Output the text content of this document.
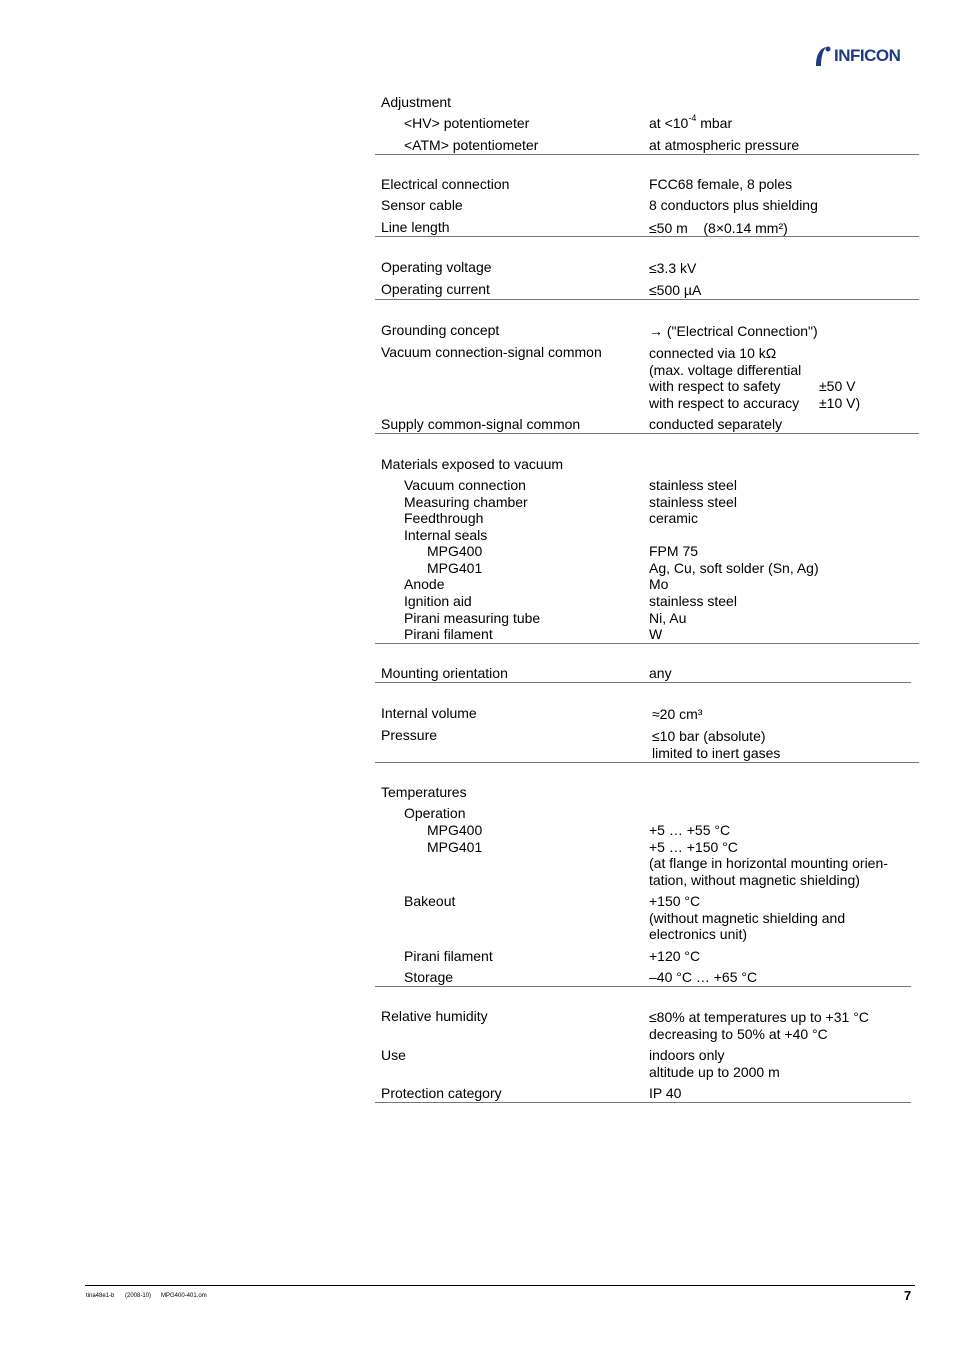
INFICON
Adjustment
<HV> potentiometer	at $<10^{-4}$ mbar
<ATM> potentiometer	at atmospheric pressure
Electrical connection	FCC68 female, 8 poles
Sensor cable	8 conductors plus shielding
Line length	≤50 m    (8×0.14 mm²)
Operating voltage	≤3.3 kV
Operating current	≤500 µA
Grounding concept	→ ("Electrical Connection")
Vacuum connection-signal common	connected via 10 kΩ
(max. voltage differential
with respect to safety	±50 V
with respect to accuracy ±10 V)
Supply common-signal common	conducted separately
Materials exposed to vacuum
Vacuum connection	stainless steel
Measuring chamber	stainless steel
Feedthrough	ceramic
Internal seals
MPG400	FPM 75
MPG401	Ag, Cu, soft solder (Sn, Ag)
Anode	Mo
Ignition aid	stainless steel
Pirani measuring tube	Ni, Au
Pirani filament	W
Mounting orientation	any
Internal volume	≈20 cm³
Pressure	≤10 bar (absolute)
limited to inert gases
Temperatures
Operation
MPG400	+5 … +55 °C
MPG401	+5 … +150 °C
(at flange in horizontal mounting orien-
tation, without magnetic shielding)
Bakeout	+150 °C
(without magnetic shielding and
electronics unit)
Pirani filament	+120 °C
Storage	–40 °C … +65 °C
Relative humidity	≤80% at temperatures up to +31 °C
decreasing to 50% at +40 °C
Use	indoors only
altitude up to 2000 m
Protection category	IP 40
tina48e1-b (2008-10) MPG400-401.om	7
